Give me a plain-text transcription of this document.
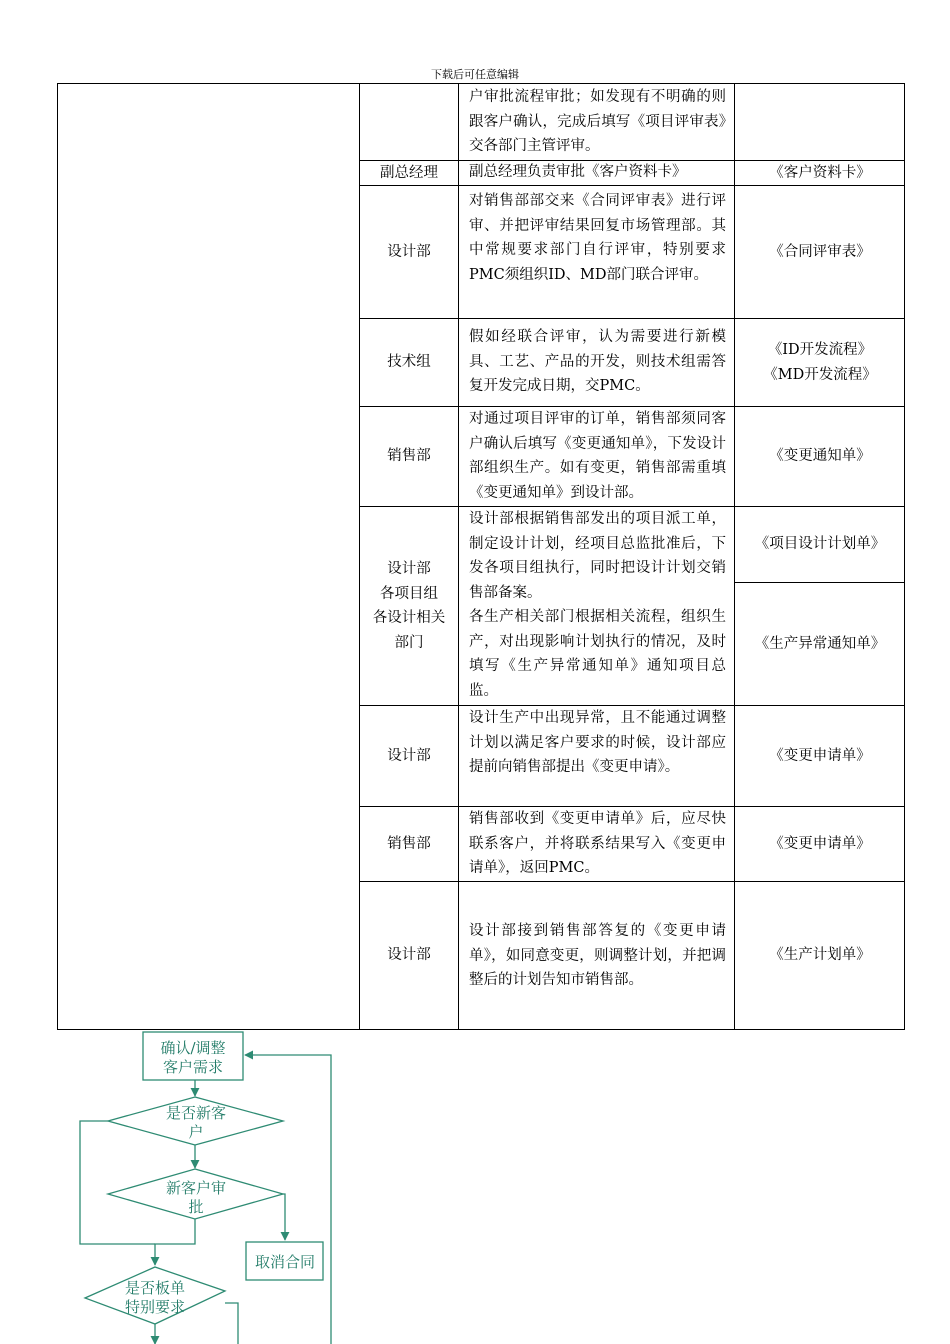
下载后可任意编辑

户审批流程审批；如发现有不明确的则跟客户确认，完成后填写《项目评审表》交各部门主管评审。

副总经理	副总经理负责审批《客户资料卡》	《客户资料卡》
设计部

对销售部部交来《合同评审表》进行评审、并把评审结果回复市场管理部。其中常规要求部门自行评审，特别要求PMC须组织ID、MD部门联合评审。

《合同评审表》
技术组

假如经联合评审，认为需要进行新模具、工艺、产品的开发，则技术组需答复开发完成日期，交PMC。

《ID开发流程》
《MD开发流程》
销售部

对通过项目评审的订单，销售部须同客户确认后填写《变更通知单》，下发设计部组织生产。如有变更，销售部需重填《变更通知单》到设计部。

《变更通知单》
设计部
各项目组
各设计相关
部门

设计部根据销售部发出的项目派工单，制定设计计划，经项目总监批准后，下发各项目组执行，同时把设计计划交销售部备案。

各生产相关部门根据相关流程，组织生产，对出现影响计划执行的情况，及时填写《生产异常通知单》通知项目总监。

《项目设计计划单》
《生产异常通知单》
设计部

设计生产中出现异常，且不能通过调整计划以满足客户要求的时候，设计部应提前向销售部提出《变更申请》。

《变更申请单》
销售部

销售部收到《变更申请单》后，应尽快联系客户，并将联系结果写入《变更申请单》，返回PMC。

《变更申请单》
设计部

设计部接到销售部答复的《变更申请单》，如同意变更，则调整计划，并把调整后的计划告知市销售部。

《生产计划单》
确认/调整
客户需求
是否新客
户
新客户审
批
取消合同
是否板单
特别要求
